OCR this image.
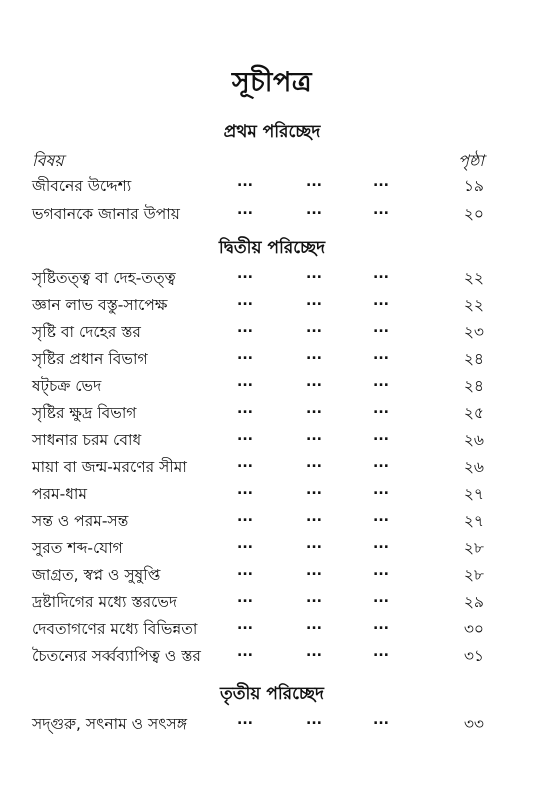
সূচীপত্র
প্রথম পরিচ্ছেদ
বিষয়	পৃষ্ঠা
জীবনের উদ্দেশ্য	...	...	...	১৯
ভগবানকে জানার উপায়	...	...	...	২০
দ্বিতীয় পরিচ্ছেদ
সৃষ্টিতত্ত্ব বা দেহ-তত্ত্ব	...	...	...	২২
জ্ঞান লাভ বস্তু-সাপেক্ষ	...	...	...	২২
সৃষ্টি বা দেহের স্তর	...	...	...	২৩
সৃষ্টির প্রধান বিভাগ	...	...	...	২৪
ষট্‌চক্র ভেদ	...	...	...	২৪
সৃষ্টির ক্ষুদ্র বিভাগ	...	...	...	২৫
সাধনার চরম বোধ	...	...	...	২৬
মায়া বা জন্ম-মরণের সীমা	...	...	...	২৬
পরম-ধাম	...	...	...	২৭
সন্ত ও পরম-সন্ত	...	...	...	২৭
সুরত শব্দ-যোগ	...	...	...	২৮
জাগ্রত, স্বপ্ন ও সুষুপ্তি	...	...	...	২৮
দ্রষ্টাদিগের মধ্যে স্তরভেদ	...	...	...	২৯
দেবতাগণের মধ্যে বিভিন্নতা	...	...	...	৩০
চৈতন্যের সর্ব্বব্যাপিত্ব ও স্তর	...	...	...	৩১
তৃতীয় পরিচ্ছেদ
সদ্‌গুরু, সৎনাম ও সৎসঙ্গ	...	...	...	৩৩
